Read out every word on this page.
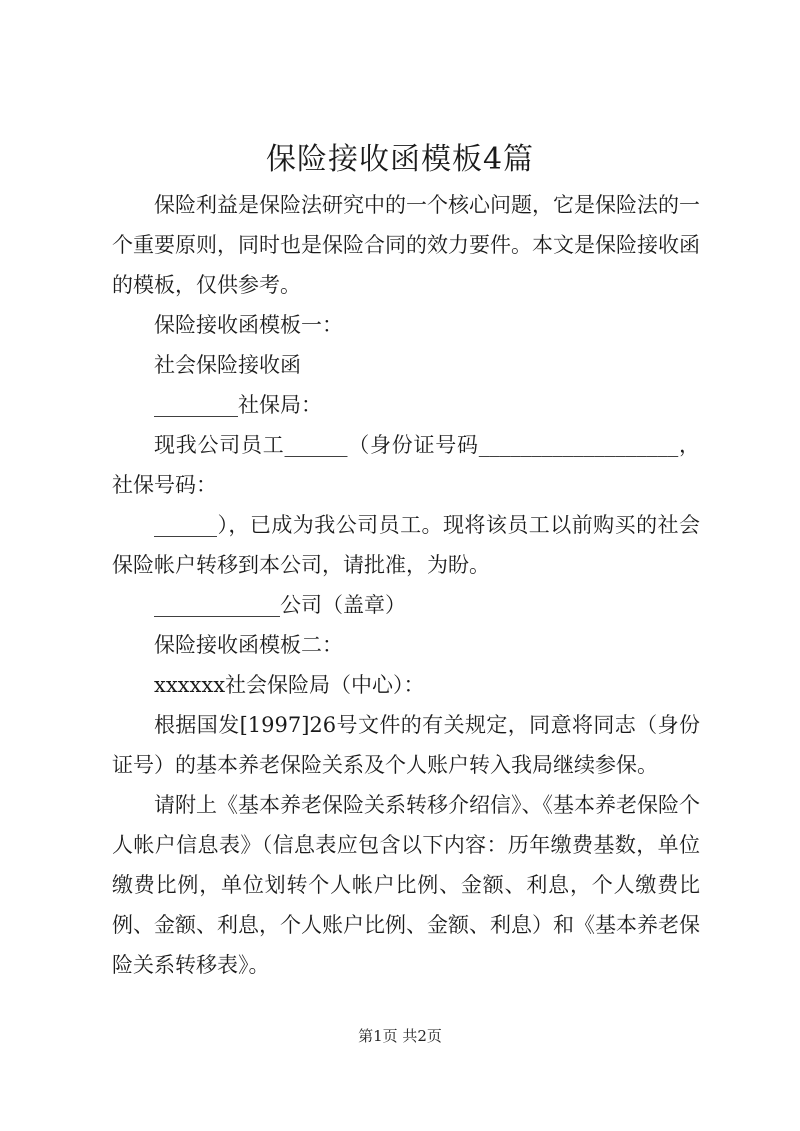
保险接收函模板4篇

保险利益是保险法研究中的一个核心问题，它是保险法的一个重要原则，同时也是保险合同的效力要件。本文是保险接收函的模板，仅供参考。

保险接收函模板一：

社会保险接收函

________社保局：

现我公司员工______（身份证号码___________________，社保号码：

______），已成为我公司员工。现将该员工以前购买的社会保险帐户转移到本公司，请批准，为盼。

____________公司（盖章）

保险接收函模板二：

xxxxxx社会保险局（中心）：

根据国发[1997]26号文件的有关规定，同意将同志（身份证号）的基本养老保险关系及个人账户转入我局继续参保。

请附上《基本养老保险关系转移介绍信》、《基本养老保险个人帐户信息表》（信息表应包含以下内容：历年缴费基数，单位缴费比例，单位划转个人帐户比例、金额、利息，个人缴费比例、金额、利息，个人账户比例、金额、利息）和《基本养老保险关系转移表》。

第1页 共2页
